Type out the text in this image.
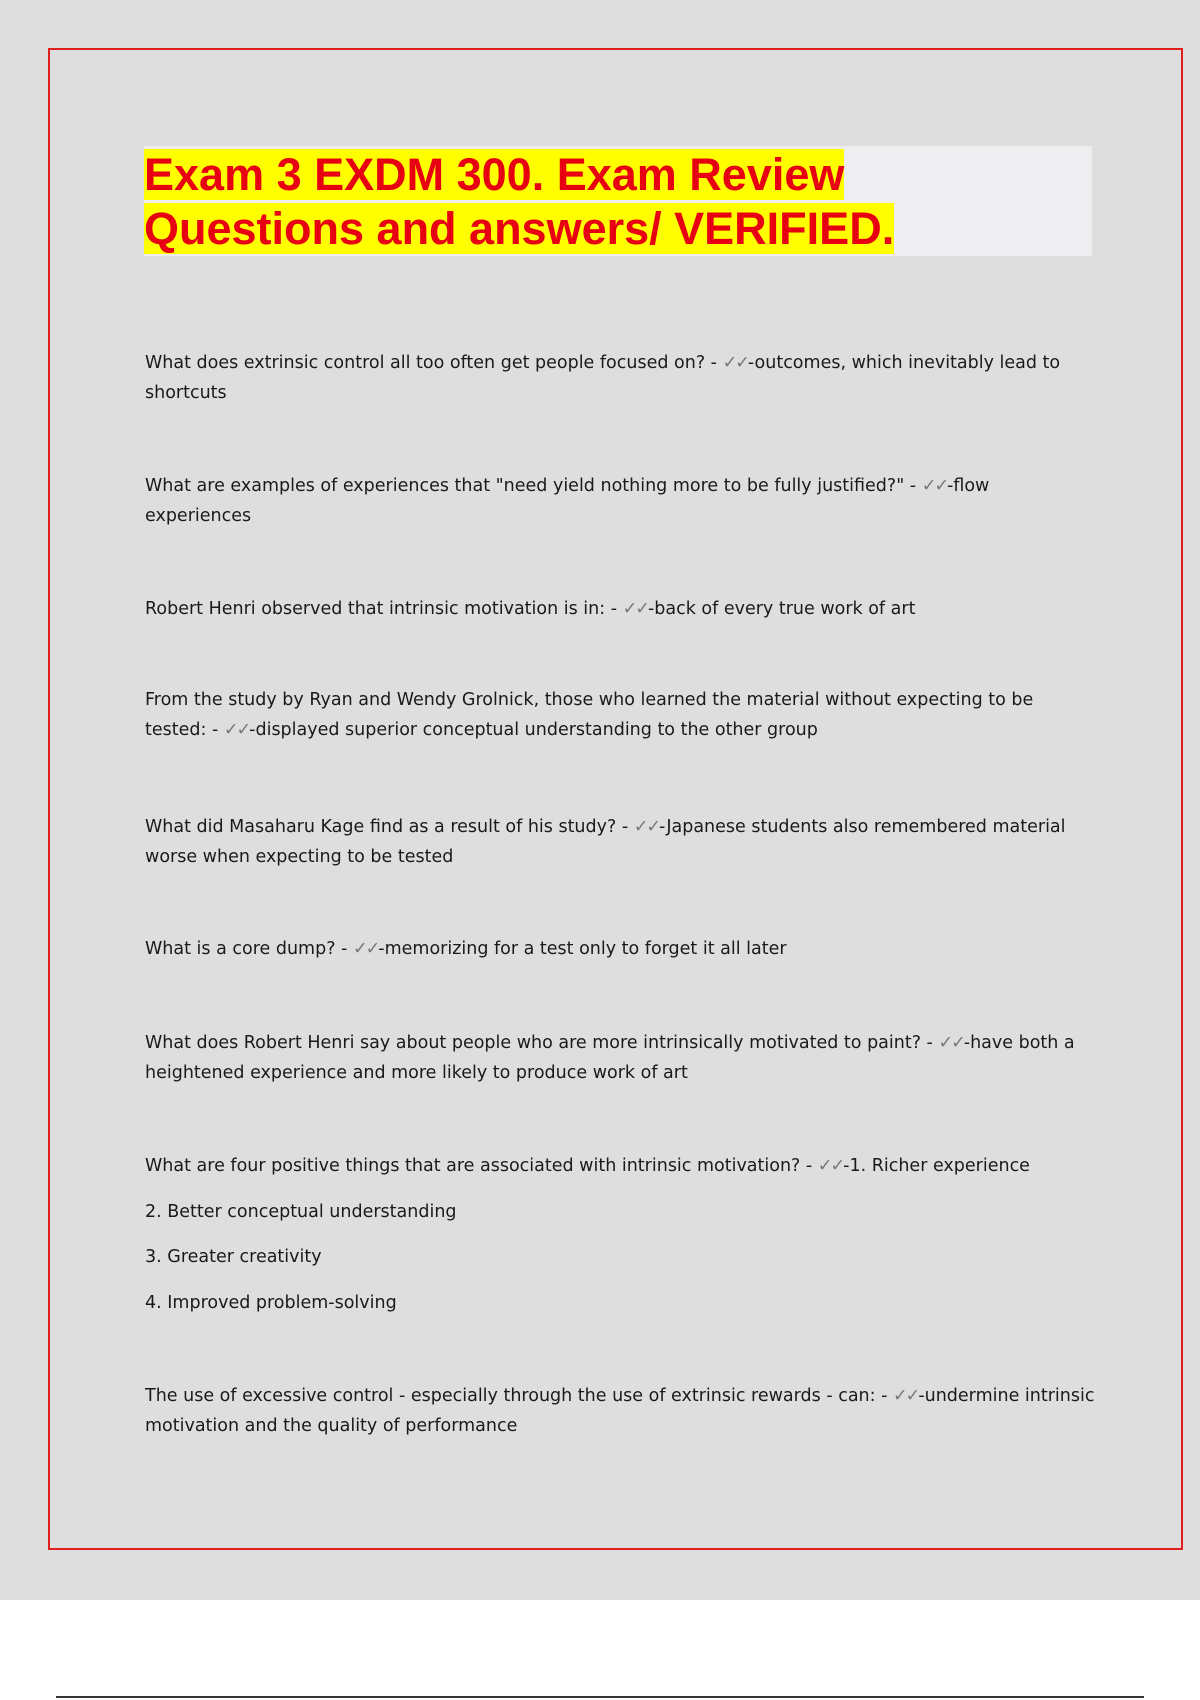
Exam 3 EXDM 300. Exam Review
Questions and answers/ VERIFIED.

What does extrinsic control all too often get people focused on? - ✓✓-outcomes, which inevitably lead to shortcuts

What are examples of experiences that "need yield nothing more to be fully justified?" - ✓✓-flow experiences

Robert Henri observed that intrinsic motivation is in: - ✓✓-back of every true work of art

From the study by Ryan and Wendy Grolnick, those who learned the material without expecting to be tested: - ✓✓-displayed superior conceptual understanding to the other group

What did Masaharu Kage find as a result of his study? - ✓✓-Japanese students also remembered material worse when expecting to be tested

What is a core dump? - ✓✓-memorizing for a test only to forget it all later

What does Robert Henri say about people who are more intrinsically motivated to paint? - ✓✓-have both a heightened experience and more likely to produce work of art

What are four positive things that are associated with intrinsic motivation? - ✓✓-1. Richer experience

2. Better conceptual understanding

3. Greater creativity

4. Improved problem-solving

The use of excessive control - especially through the use of extrinsic rewards - can: - ✓✓-undermine intrinsic motivation and the quality of performance
